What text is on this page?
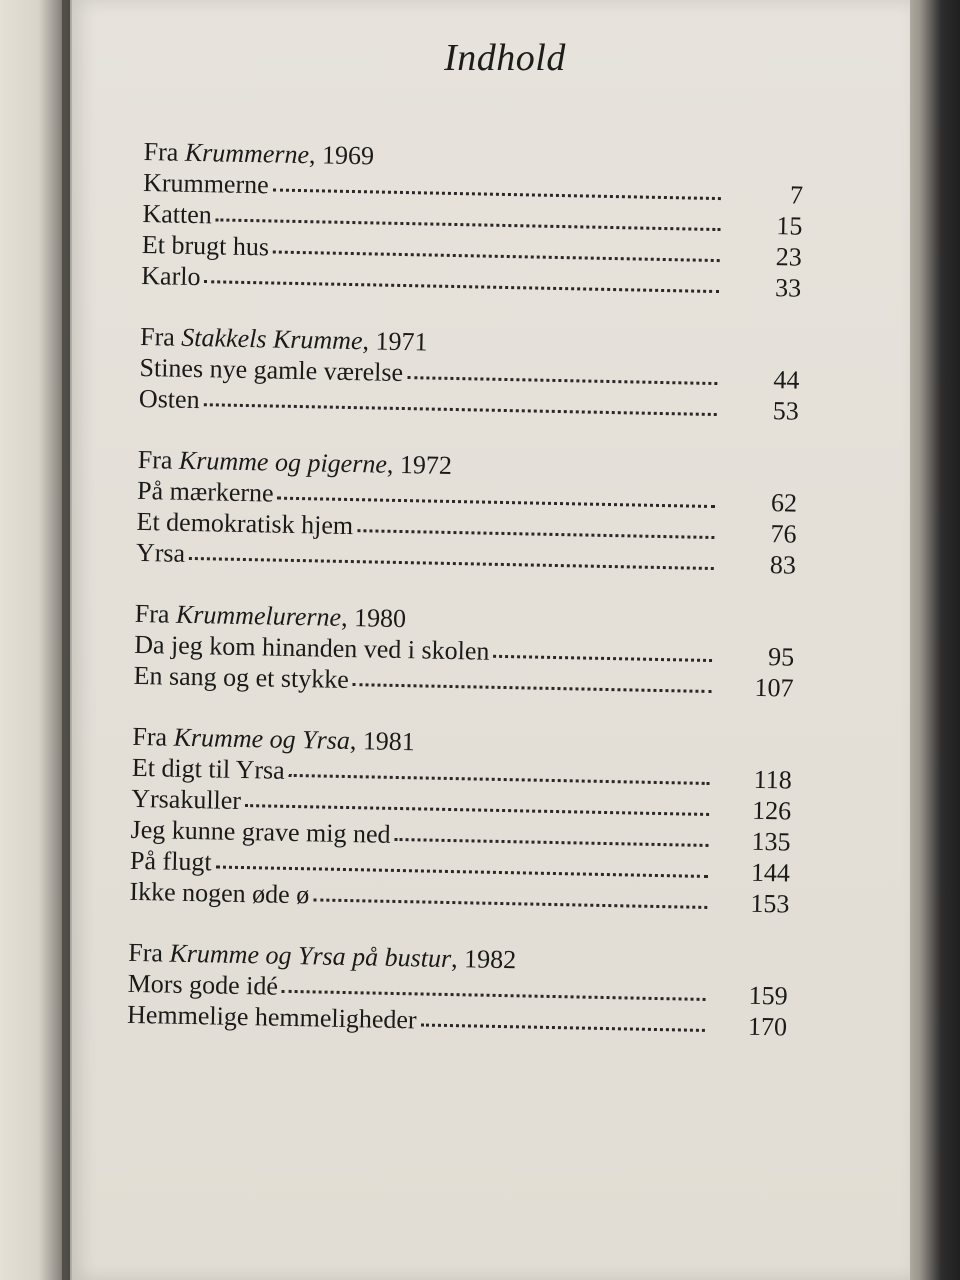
Indhold
Fra Krummerne, 1969
Krummerne	7
Katten	15
Et brugt hus	23
Karlo	33
Fra Stakkels Krumme, 1971
Stines nye gamle værelse	44
Osten	53
Fra Krumme og pigerne, 1972
På mærkerne	62
Et demokratisk hjem	76
Yrsa	83
Fra Krummelurerne, 1980
Da jeg kom hinanden ved i skolen	95
En sang og et stykke	107
Fra Krumme og Yrsa, 1981
Et digt til Yrsa	118
Yrsakuller	126
Jeg kunne grave mig ned	135
På flugt	144
Ikke nogen øde ø	153
Fra Krumme og Yrsa på bustur, 1982
Mors gode idé	159
Hemmelige hemmeligheder	170
